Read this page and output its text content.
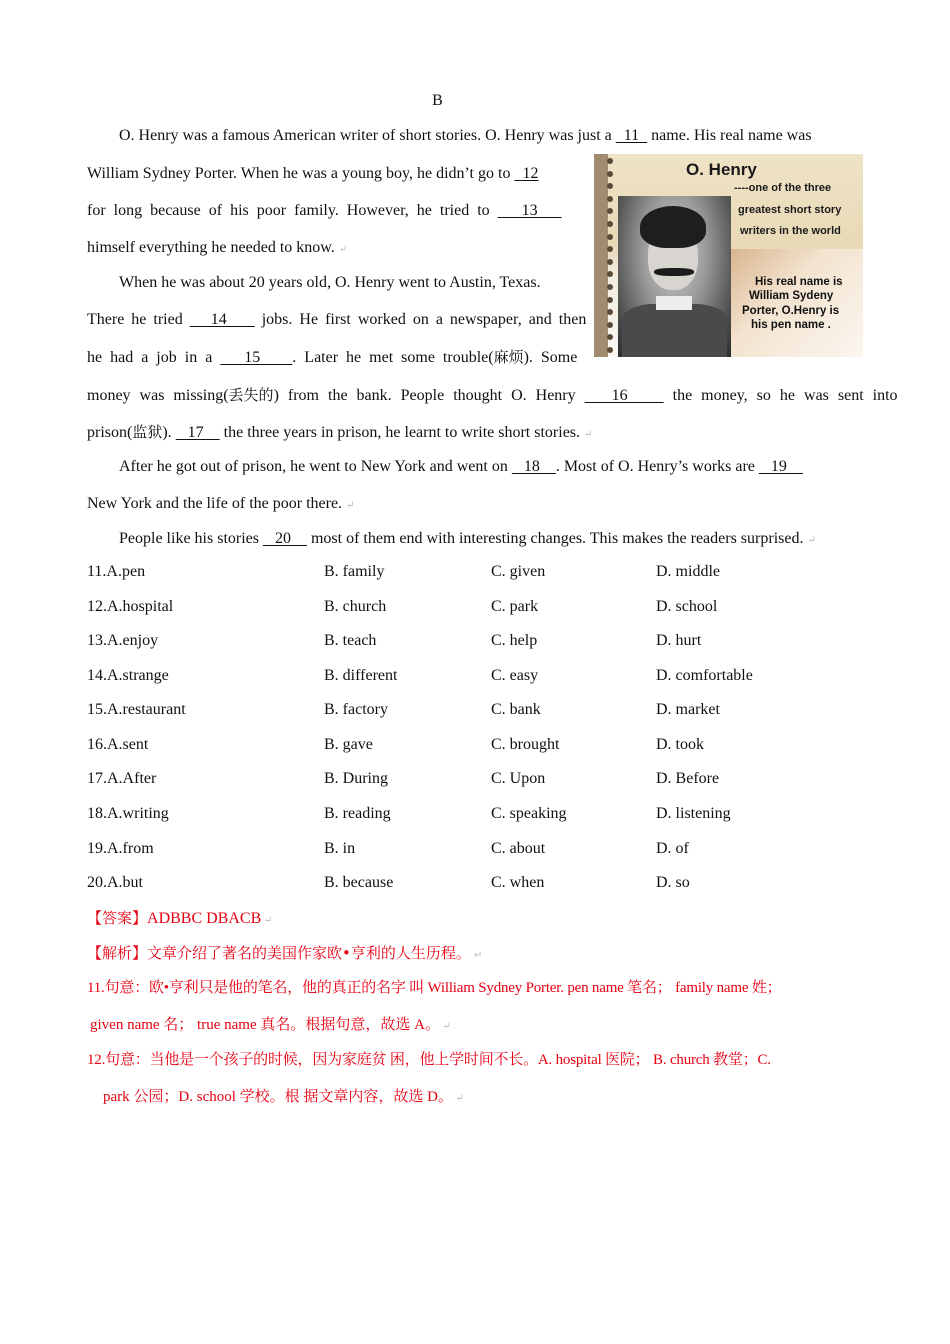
B
O. Henry was a famous American writer of short stories. O. Henry was just a   11   name. His real name was
William Sydney Porter. When he was a young boy, he didn’t go to   12
for long because of his poor family. However, he tried to    13
himself everything he needed to know. ↵
O. Henry
----one of the three
greatest short story
writers in the world
His real name is
William Sydeny
Porter, O.Henry is
his pen name .
When he was about 20 years old, O. Henry went to Austin, Texas.
There he tried    14     jobs. He first worked on a newspaper, and then
he had a job in a    15    . Later he met some trouble(麻烦). Some
money was missing(丢失的) from the bank. People thought O. Henry    16     the money, so he was sent into
prison(监狱).    17     the three years in prison, he learnt to write short stories. ↵
After he got out of prison, he went to New York and went on    18    . Most of O. Henry’s works are    19
New York and the life of the poor there. ↵
People like his stories    20     most of them end with interesting changes. This makes the readers surprised. ↵
11.A.pen	B. family	C. given	D. middle
12.A.hospital	B. church	C. park	D. school
13.A.enjoy	B. teach	C. help	D. hurt
14.A.strange	B. different	C. easy	D. comfortable
15.A.restaurant	B. factory	C. bank	D. market
16.A.sent	B. gave	C. brought	D. took
17.A.After	B. During	C. Upon	D. Before
18.A.writing	B. reading	C. speaking	D. listening
19.A.from	B. in	C. about	D. of
20.A.but	B. because	C. when	D. so
【答案】ADBBC DBACB ↵
【解析】文章介绍了著名的美国作家欧•亨利的人生历程。 ↵
11.句意：欧•亨利只是他的笔名，他的真正的名字 叫 William Sydney Porter. pen name 笔名； family name 姓；
given name 名； true name 真名。根据句意，故选 A。 ↵
12.句意：当他是一个孩子的时候，因为家庭贫 困，他上学时间不长。A. hospital 医院； B. church 教堂；C.
park 公园；D. school 学校。根 据文章内容，故选 D。 ↵
